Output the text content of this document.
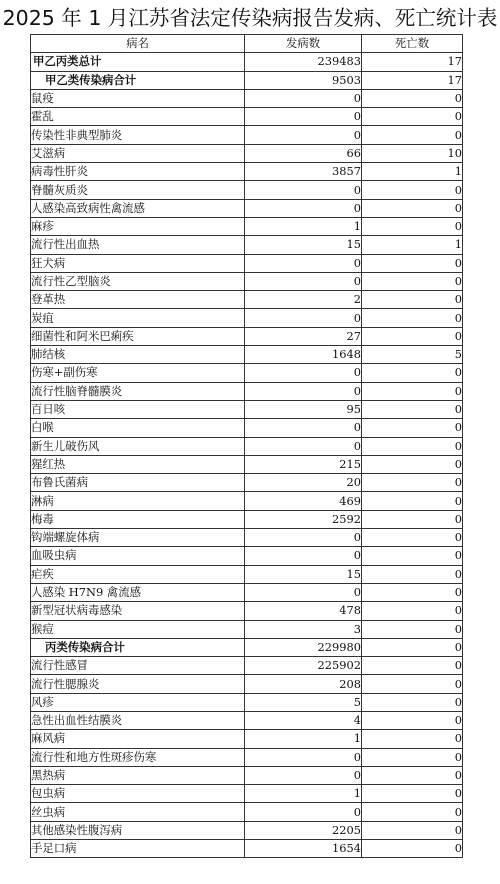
2025 年 1 月江苏省法定传染病报告发病、死亡统计表
病名	发病数	死亡数
甲乙丙类总计	239483	17
甲乙类传染病合计	9503	17
鼠疫	0	0
霍乱	0	0
传染性非典型肺炎	0	0
艾滋病	66	10
病毒性肝炎	3857	1
脊髓灰质炎	0	0
人感染高致病性禽流感	0	0
麻疹	1	0
流行性出血热	15	1
狂犬病	0	0
流行性乙型脑炎	0	0
登革热	2	0
炭疽	0	0
细菌性和阿米巴痢疾	27	0
肺结核	1648	5
伤寒+副伤寒	0	0
流行性脑脊髓膜炎	0	0
百日咳	95	0
白喉	0	0
新生儿破伤风	0	0
猩红热	215	0
布鲁氏菌病	20	0
淋病	469	0
梅毒	2592	0
钩端螺旋体病	0	0
血吸虫病	0	0
疟疾	15	0
人感染 H7N9 禽流感	0	0
新型冠状病毒感染	478	0
猴痘	3	0
丙类传染病合计	229980	0
流行性感冒	225902	0
流行性腮腺炎	208	0
风疹	5	0
急性出血性结膜炎	4	0
麻风病	1	0
流行性和地方性斑疹伤寒	0	0
黑热病	0	0
包虫病	1	0
丝虫病	0	0
其他感染性腹泻病	2205	0
手足口病	1654	0
